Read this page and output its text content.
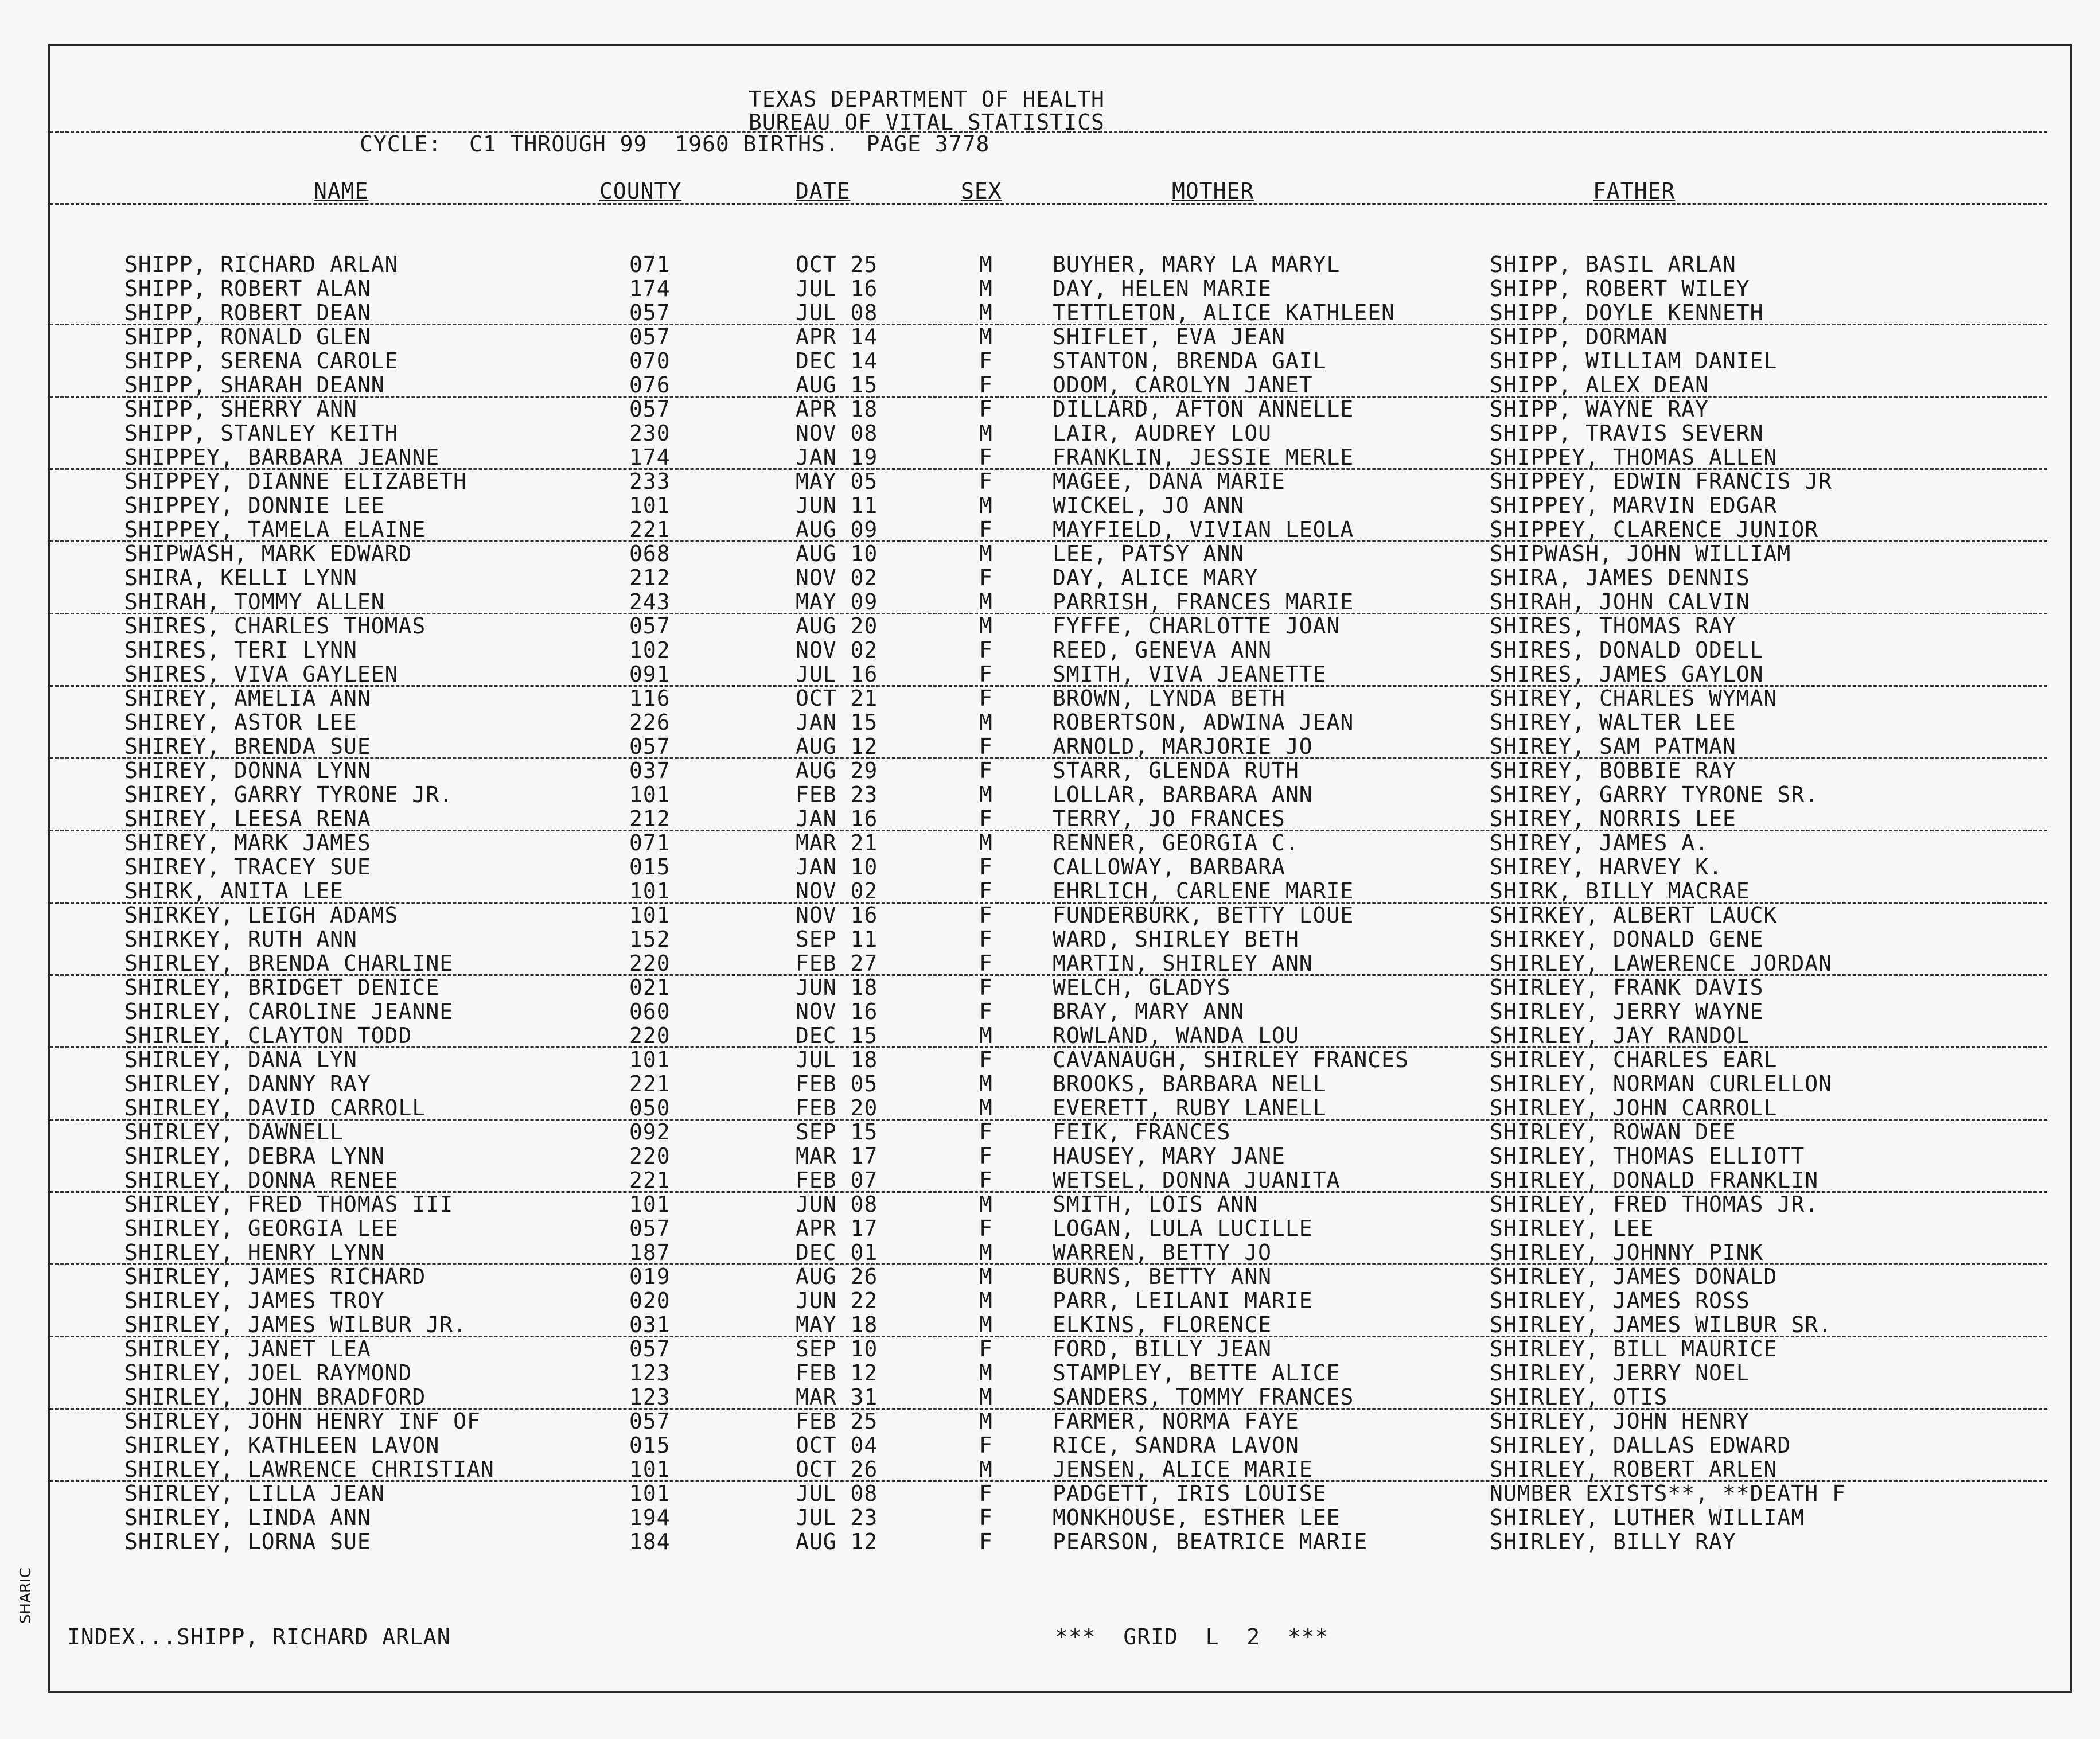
TEXAS DEPARTMENT OF HEALTH
BUREAU OF VITAL STATISTICS
CYCLE:  C1 THROUGH 99  1960 BIRTHS.  PAGE 3778
NAME	COUNTY	DATE	SEX	MOTHER	FATHER
SHIPP, RICHARD ARLAN	071	OCT 25	M	BUYHER, MARY LA MARYL	SHIPP, BASIL ARLAN
SHIPP, ROBERT ALAN	174	JUL 16	M	DAY, HELEN MARIE	SHIPP, ROBERT WILEY
SHIPP, ROBERT DEAN	057	JUL 08	M	TETTLETON, ALICE KATHLEEN	SHIPP, DOYLE KENNETH
SHIPP, RONALD GLEN	057	APR 14	M	SHIFLET, EVA JEAN	SHIPP, DORMAN
SHIPP, SERENA CAROLE	070	DEC 14	F	STANTON, BRENDA GAIL	SHIPP, WILLIAM DANIEL
SHIPP, SHARAH DEANN	076	AUG 15	F	ODOM, CAROLYN JANET	SHIPP, ALEX DEAN
SHIPP, SHERRY ANN	057	APR 18	F	DILLARD, AFTON ANNELLE	SHIPP, WAYNE RAY
SHIPP, STANLEY KEITH	230	NOV 08	M	LAIR, AUDREY LOU	SHIPP, TRAVIS SEVERN
SHIPPEY, BARBARA JEANNE	174	JAN 19	F	FRANKLIN, JESSIE MERLE	SHIPPEY, THOMAS ALLEN
SHIPPEY, DIANNE ELIZABETH	233	MAY 05	F	MAGEE, DANA MARIE	SHIPPEY, EDWIN FRANCIS JR
SHIPPEY, DONNIE LEE	101	JUN 11	M	WICKEL, JO ANN	SHIPPEY, MARVIN EDGAR
SHIPPEY, TAMELA ELAINE	221	AUG 09	F	MAYFIELD, VIVIAN LEOLA	SHIPPEY, CLARENCE JUNIOR
SHIPWASH, MARK EDWARD	068	AUG 10	M	LEE, PATSY ANN	SHIPWASH, JOHN WILLIAM
SHIRA, KELLI LYNN	212	NOV 02	F	DAY, ALICE MARY	SHIRA, JAMES DENNIS
SHIRAH, TOMMY ALLEN	243	MAY 09	M	PARRISH, FRANCES MARIE	SHIRAH, JOHN CALVIN
SHIRES, CHARLES THOMAS	057	AUG 20	M	FYFFE, CHARLOTTE JOAN	SHIRES, THOMAS RAY
SHIRES, TERI LYNN	102	NOV 02	F	REED, GENEVA ANN	SHIRES, DONALD ODELL
SHIRES, VIVA GAYLEEN	091	JUL 16	F	SMITH, VIVA JEANETTE	SHIRES, JAMES GAYLON
SHIREY, AMELIA ANN	116	OCT 21	F	BROWN, LYNDA BETH	SHIREY, CHARLES WYMAN
SHIREY, ASTOR LEE	226	JAN 15	M	ROBERTSON, ADWINA JEAN	SHIREY, WALTER LEE
SHIREY, BRENDA SUE	057	AUG 12	F	ARNOLD, MARJORIE JO	SHIREY, SAM PATMAN
SHIREY, DONNA LYNN	037	AUG 29	F	STARR, GLENDA RUTH	SHIREY, BOBBIE RAY
SHIREY, GARRY TYRONE JR.	101	FEB 23	M	LOLLAR, BARBARA ANN	SHIREY, GARRY TYRONE SR.
SHIREY, LEESA RENA	212	JAN 16	F	TERRY, JO FRANCES	SHIREY, NORRIS LEE
SHIREY, MARK JAMES	071	MAR 21	M	RENNER, GEORGIA C.	SHIREY, JAMES A.
SHIREY, TRACEY SUE	015	JAN 10	F	CALLOWAY, BARBARA	SHIREY, HARVEY K.
SHIRK, ANITA LEE	101	NOV 02	F	EHRLICH, CARLENE MARIE	SHIRK, BILLY MACRAE
SHIRKEY, LEIGH ADAMS	101	NOV 16	F	FUNDERBURK, BETTY LOUE	SHIRKEY, ALBERT LAUCK
SHIRKEY, RUTH ANN	152	SEP 11	F	WARD, SHIRLEY BETH	SHIRKEY, DONALD GENE
SHIRLEY, BRENDA CHARLINE	220	FEB 27	F	MARTIN, SHIRLEY ANN	SHIRLEY, LAWERENCE JORDAN
SHIRLEY, BRIDGET DENICE	021	JUN 18	F	WELCH, GLADYS	SHIRLEY, FRANK DAVIS
SHIRLEY, CAROLINE JEANNE	060	NOV 16	F	BRAY, MARY ANN	SHIRLEY, JERRY WAYNE
SHIRLEY, CLAYTON TODD	220	DEC 15	M	ROWLAND, WANDA LOU	SHIRLEY, JAY RANDOL
SHIRLEY, DANA LYN	101	JUL 18	F	CAVANAUGH, SHIRLEY FRANCES	SHIRLEY, CHARLES EARL
SHIRLEY, DANNY RAY	221	FEB 05	M	BROOKS, BARBARA NELL	SHIRLEY, NORMAN CURLELLON
SHIRLEY, DAVID CARROLL	050	FEB 20	M	EVERETT, RUBY LANELL	SHIRLEY, JOHN CARROLL
SHIRLEY, DAWNELL	092	SEP 15	F	FEIK, FRANCES	SHIRLEY, ROWAN DEE
SHIRLEY, DEBRA LYNN	220	MAR 17	F	HAUSEY, MARY JANE	SHIRLEY, THOMAS ELLIOTT
SHIRLEY, DONNA RENEE	221	FEB 07	F	WETSEL, DONNA JUANITA	SHIRLEY, DONALD FRANKLIN
SHIRLEY, FRED THOMAS III	101	JUN 08	M	SMITH, LOIS ANN	SHIRLEY, FRED THOMAS JR.
SHIRLEY, GEORGIA LEE	057	APR 17	F	LOGAN, LULA LUCILLE	SHIRLEY, LEE
SHIRLEY, HENRY LYNN	187	DEC 01	M	WARREN, BETTY JO	SHIRLEY, JOHNNY PINK
SHIRLEY, JAMES RICHARD	019	AUG 26	M	BURNS, BETTY ANN	SHIRLEY, JAMES DONALD
SHIRLEY, JAMES TROY	020	JUN 22	M	PARR, LEILANI MARIE	SHIRLEY, JAMES ROSS
SHIRLEY, JAMES WILBUR JR.	031	MAY 18	M	ELKINS, FLORENCE	SHIRLEY, JAMES WILBUR SR.
SHIRLEY, JANET LEA	057	SEP 10	F	FORD, BILLY JEAN	SHIRLEY, BILL MAURICE
SHIRLEY, JOEL RAYMOND	123	FEB 12	M	STAMPLEY, BETTE ALICE	SHIRLEY, JERRY NOEL
SHIRLEY, JOHN BRADFORD	123	MAR 31	M	SANDERS, TOMMY FRANCES	SHIRLEY, OTIS
SHIRLEY, JOHN HENRY INF OF	057	FEB 25	M	FARMER, NORMA FAYE	SHIRLEY, JOHN HENRY
SHIRLEY, KATHLEEN LAVON	015	OCT 04	F	RICE, SANDRA LAVON	SHIRLEY, DALLAS EDWARD
SHIRLEY, LAWRENCE CHRISTIAN	101	OCT 26	M	JENSEN, ALICE MARIE	SHIRLEY, ROBERT ARLEN
SHIRLEY, LILLA JEAN	101	JUL 08	F	PADGETT, IRIS LOUISE	NUMBER EXISTS**, **DEATH F
SHIRLEY, LINDA ANN	194	JUL 23	F	MONKHOUSE, ESTHER LEE	SHIRLEY, LUTHER WILLIAM
SHIRLEY, LORNA SUE	184	AUG 12	F	PEARSON, BEATRICE MARIE	SHIRLEY, BILLY RAY
INDEX...SHIPP, RICHARD ARLAN	***  GRID  L  2  ***
SHARIC
